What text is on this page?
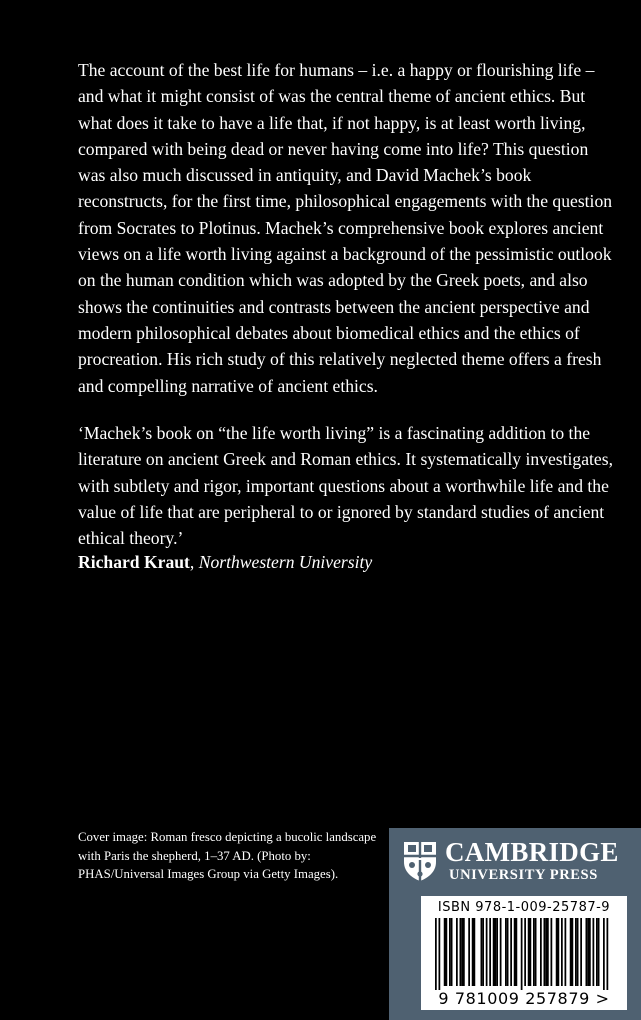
The account of the best life for humans – i.e. a happy or flourishing life – and what it might consist of was the central theme of ancient ethics. But what does it take to have a life that, if not happy, is at least worth living, compared with being dead or never having come into life? This question was also much discussed in antiquity, and David Machek’s book reconstructs, for the first time, philosophical engagements with the question from Socrates to Plotinus. Machek’s comprehensive book explores ancient views on a life worth living against a background of the pessimistic outlook on the human condition which was adopted by the Greek poets, and also shows the continuities and contrasts between the ancient perspective and modern philosophical debates about biomedical ethics and the ethics of procreation. His rich study of this relatively neglected theme offers a fresh and compelling narrative of ancient ethics.

‘Machek’s book on “the life worth living” is a fascinating addition to the literature on ancient Greek and Roman ethics. It systematically investigates, with subtlety and rigor, important questions about a worthwhile life and the value of life that are peripheral to or ignored by standard studies of ancient ethical theory.’

Richard Kraut, Northwestern University

Cover image: Roman fresco depicting a bucolic landscape with Paris the shepherd, 1–37 AD. (Photo by: PHAS/Universal Images Group via Getty Images).

CAMBRIDGE
UNIVERSITY PRESS
ISBN 978-1-009-25787-9
9 781009 257879 >
